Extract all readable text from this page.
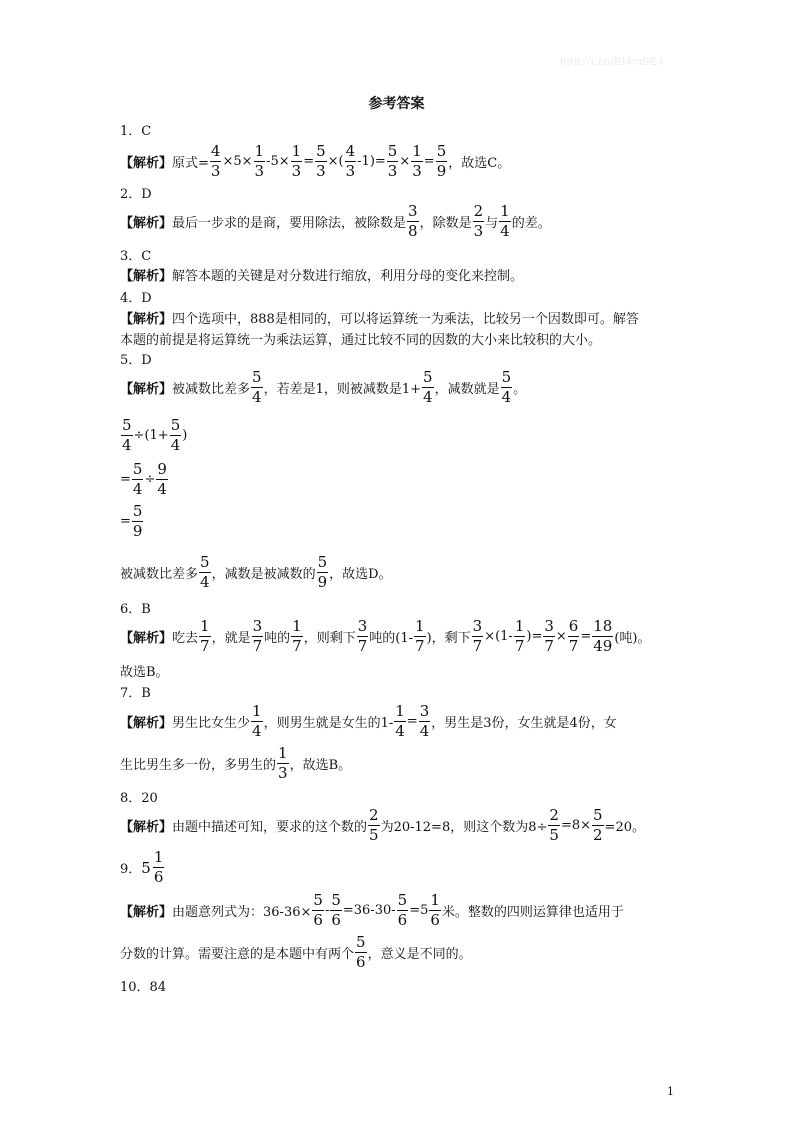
http://t.cn/EI4mSE4
参考答案
1．C
【解析】 原式= $\frac{4}{3} \times 5\times \frac{1}{3} -5\times \frac{1}{3} = \frac{5}{3}$ ×( $\frac{4}{3} -1)= \frac{5}{3} \times \frac{1}{3} = \frac{5}{9}$ ，故选C。
2．D
【解析】 最后一步求的是商，要用除法，被除数是 $\frac{3}{8}$ ，除数是 $\frac{2}{3}$ 与 $\frac{1}{4}$ 的差。
3．C
【解析】 解答本题的关键是对分数进行缩放，利用分母的变化来控制。
4．D
【解析】 四个选项中，888是相同的，可以将运算统一为乘法，比较另一个因数即可。解答
本题的前提是将运算统一为乘法运算，通过比较不同的因数的大小来比较积的大小。
5．D
【解析】 被减数比差多 $\frac{5}{4}$ ，若差是1，则被减数是$1+ \frac{5}{4}$ ，减数就是 $\frac{5}{4}$ 。
$\frac{5}{4} \div(1+ \frac{5}{4}$ )
= $\frac{5}{4} \div \frac{9}{4}$
= $\frac{5}{9}$
被减数比差多 $\frac{5}{4}$ ，减数是被减数的 $\frac{5}{9}$ ，故选D。
6．B
【解析】 吃去 $\frac{1}{7}$ ，就是 $\frac{3}{7}$ 吨的 $\frac{1}{7}$ ，则剩下 $\frac{3}{7}$ 吨的($1- \frac{1}{7}$ )，剩下 $\frac{3}{7} \times(1- \frac{1}{7}$ )= $\frac{3}{7} \times \frac{6}{7} = \frac{18}{49}$ (吨)。
故选B。
7．B
【解析】 男生比女生少 $\frac{1}{4}$ ，则男生就是女生的$1- \frac{1}{4} = \frac{3}{4}$ ，男生是3份，女生就是4份，女
生比男生多一份，多男生的 $\frac{1}{3}$ ，故选B。
8．20
【解析】 由题中描述可知，要求的这个数的 $\frac{2}{5}$ 为20-12=8，则这个数为$8\div \frac{2}{5} =8\times \frac{5}{2} =20$。
9． $5 \frac{1}{6}$
【解析】 由题意列式为：$36-36\times \frac{5}{6} - \frac{5}{6} =36-30- \frac{5}{6} =5 \frac{1}{6}$ 米。整数的四则运算律也适用于
分数的计算。需要注意的是本题中有两个 $\frac{5}{6}$ ，意义是不同的。
10．84
1
